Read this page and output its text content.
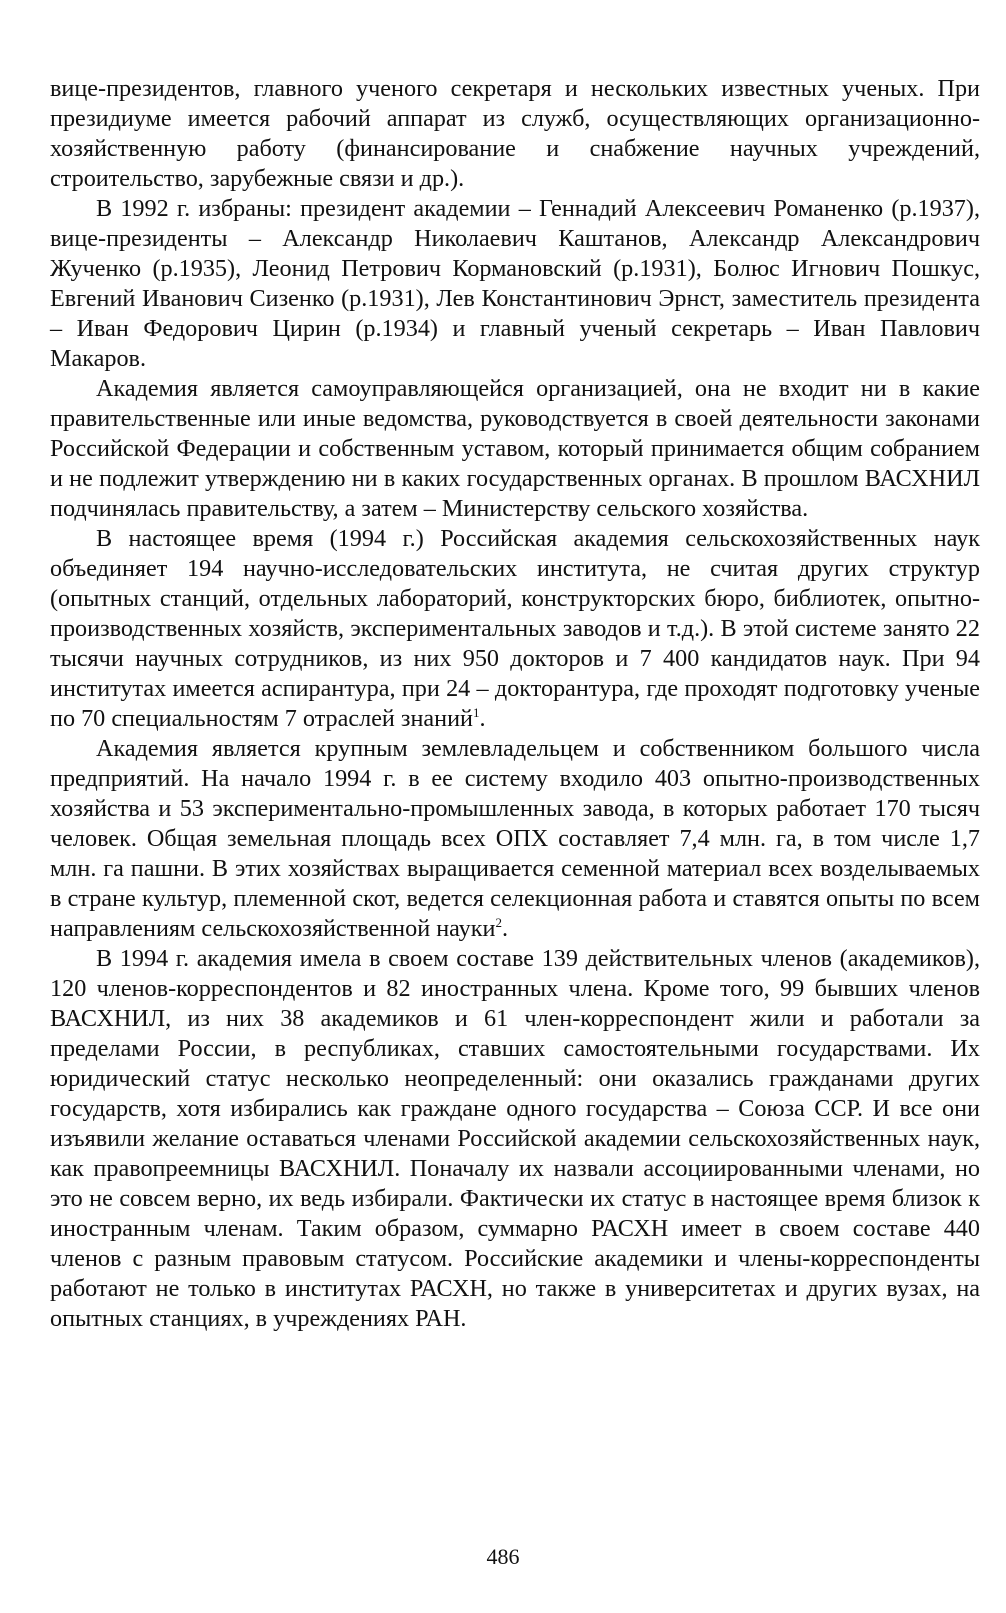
вице-президентов, главного ученого секретаря и нескольких известных ученых. При президиуме имеется рабочий аппарат из служб, осуществляющих организационно-хозяйственную работу (финансирование и снабжение научных учреждений, строительство, зарубежные связи и др.).

В 1992 г. избраны: президент академии – Геннадий Алексеевич Романенко (р.1937), вице-президенты – Александр Николаевич Каштанов, Александр Александрович Жученко (р.1935), Леонид Петрович Кормановский (р.1931), Болюс Игнович Пошкус, Евгений Иванович Сизенко (р.1931), Лев Константинович Эрнст, заместитель президента – Иван Федорович Цирин (р.1934) и главный ученый секретарь – Иван Павлович Макаров.

Академия является самоуправляющейся организацией, она не входит ни в какие правительственные или иные ведомства, руководствуется в своей деятельности законами Российской Федерации и собственным уставом, который принимается общим собранием и не подлежит утверждению ни в каких государственных органах. В прошлом ВАСХНИЛ подчинялась правительству, а затем – Министерству сельского хозяйства.

В настоящее время (1994 г.) Российская академия сельскохозяйственных наук объединяет 194 научно-исследовательских института, не считая других структур (опытных станций, отдельных лабораторий, конструкторских бюро, библиотек, опытно-производственных хозяйств, экспериментальных заводов и т.д.). В этой системе занято 22 тысячи научных сотрудников, из них 950 докторов и 7 400 кандидатов наук. При 94 институтах имеется аспирантура, при 24 – докторантура, где проходят подготовку ученые по 70 специальностям 7 отраслей знаний$^1$.

Академия является крупным землевладельцем и собственником большого числа предприятий. На начало 1994 г. в ее систему входило 403 опытно-производственных хозяйства и 53 экспериментально-промышленных завода, в которых работает 170 тысяч человек. Общая земельная площадь всех ОПХ составляет 7,4 млн. га, в том числе 1,7 млн. га пашни. В этих хозяйствах выращивается семенной материал всех возделываемых в стране культур, племенной скот, ведется селекционная работа и ставятся опыты по всем направлениям сельскохозяйственной науки$^2$.

В 1994 г. академия имела в своем составе 139 действительных членов (академиков), 120 членов-корреспондентов и 82 иностранных члена. Кроме того, 99 бывших членов ВАСХНИЛ, из них 38 академиков и 61 член-корреспондент жили и работали за пределами России, в республиках, ставших самостоятельными государствами. Их юридический статус несколько неопределенный: они оказались гражданами других государств, хотя избирались как граждане одного государства – Союза ССР. И все они изъявили желание оставаться членами Российской академии сельскохозяйственных наук, как правопреемницы ВАСХНИЛ. Поначалу их назвали ассоциированными членами, но это не совсем верно, их ведь избирали. Фактически их статус в настоящее время близок к иностранным членам. Таким образом, суммарно РАСХН имеет в своем составе 440 членов с разным правовым статусом. Российские академики и члены-корреспонденты работают не только в институтах РАСХН, но также в университетах и других вузах, на опытных станциях, в учреждениях РАН.

486
